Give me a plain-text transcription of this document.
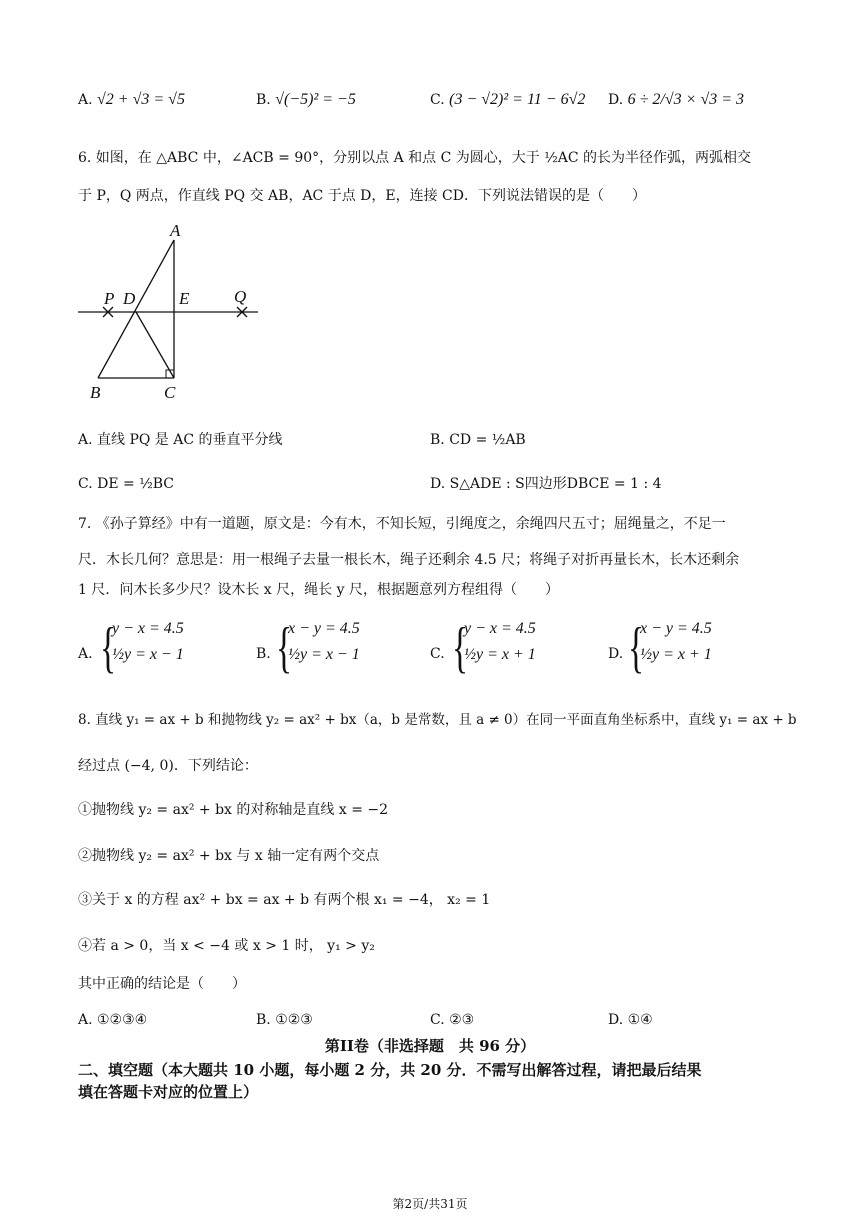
A. √2 + √3 = √5	B. √(−5)² = −5	C. (3 − √2)² = 11 − 6√2 D. 6 ÷ 2/√3 × √3 = 3
6. 如图，在 △ABC 中，∠ACB = 90°，分别以点 A 和点 C 为圆心，大于 ½AC 的长为半径作弧，两弧相交
于 P，Q 两点，作直线 PQ 交 AB，AC 于点 D，E，连接 CD．下列说法错误的是（　　）
A
P D	E	Q
B	C
A. 直线 PQ 是 AC 的垂直平分线	B. CD = ½AB
C. DE = ½BC	D. S△ADE : S四边形DBCE = 1 : 4
7. 《孙子算经》中有一道题，原文是：今有木，不知长短，引绳度之，余绳四尺五寸；屈绳量之，不足一
尺．木长几何？意思是：用一根绳子去量一根长木，绳子还剩余 4.5 尺；将绳子对折再量长木，长木还剩余
1 尺．问木长多少尺？设木长 x 尺，绳长 y 尺，根据题意列方程组得（　　）
A. {
y − x = 4.5
½y = x − 1	B. {
x − y = 4.5
½y = x − 1	C. {
y − x = 4.5
½y = x + 1	D. {
x − y = 4.5
½y = x + 1
8. 直线 y₁ = ax + b 和抛物线 y₂ = ax² + bx（a，b 是常数，且 a ≠ 0）在同一平面直角坐标系中，直线 y₁ = ax + b
经过点 (−4, 0)．下列结论：
①抛物线 y₂ = ax² + bx 的对称轴是直线 x = −2
②抛物线 y₂ = ax² + bx 与 x 轴一定有两个交点
③关于 x 的方程 ax² + bx = ax + b 有两个根 x₁ = −4， x₂ = 1
④若 a > 0，当 x < −4 或 x > 1 时， y₁ > y₂
其中正确的结论是（　　）
A. ①②③④	B. ①②③	C. ②③	D. ①④
第II卷（非选择题　共 96 分）
二、填空题（本大题共 10 小题，每小题 2 分，共 20 分．不需写出解答过程，请把最后结果
填在答题卡对应的位置上）
第2页/共31页
